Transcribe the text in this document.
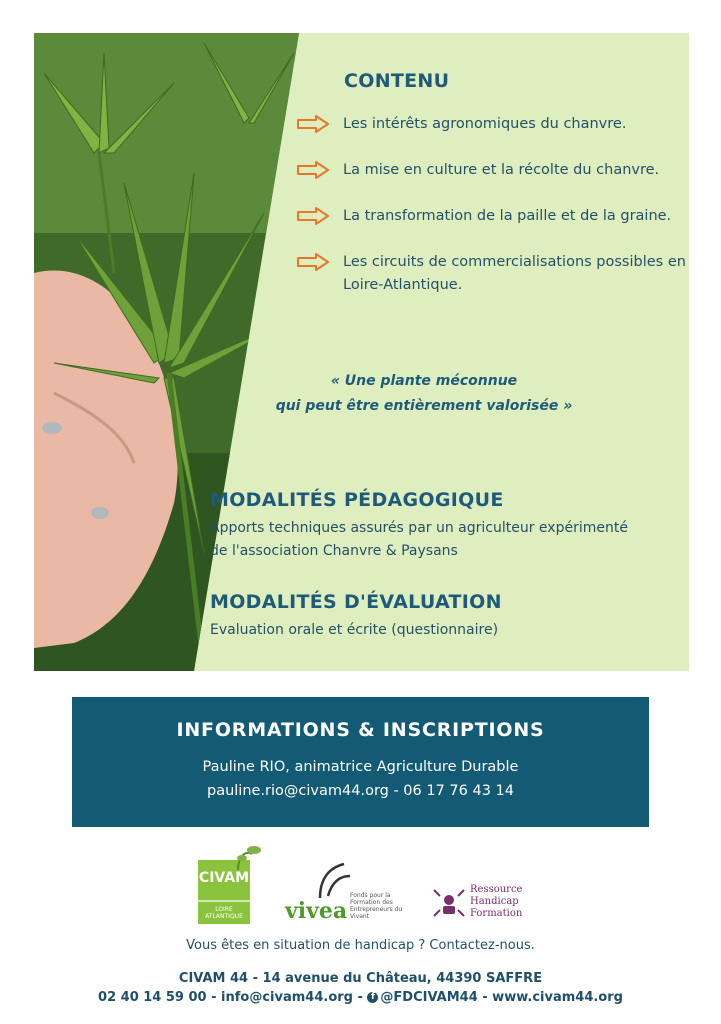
CONTENU
Les intérêts agronomiques du chanvre.
La mise en culture et la récolte du chanvre.
La transformation de la paille et de la graine.
Les circuits de commercialisations possibles en Loire-Atlantique.
« Une plante méconnue
qui peut être entièrement valorisée »
MODALITÉS PÉDAGOGIQUE
Apports techniques assurés par un agriculteur expérimenté
de l'association Chanvre & Paysans
MODALITÉS D'ÉVALUATION
Evaluation orale et écrite (questionnaire)
INFORMATIONS & INSCRIPTIONS
Pauline RIO, animatrice Agriculture Durable
pauline.rio@civam44.org - 06 17 76 43 14
CIVAM
LOIRE
ATLANTIQUE	vivea
Fonds pour la Formation des Entrepreneurs du Vivant
Ressource
Handicap
Formation
Vous êtes en situation de handicap ? Contactez-nous.
CIVAM 44 - 14 avenue du Château, 44390 SAFFRE
02 40 14 59 00 - info@civam44.org - f @FDCIVAM44 - www.civam44.org
